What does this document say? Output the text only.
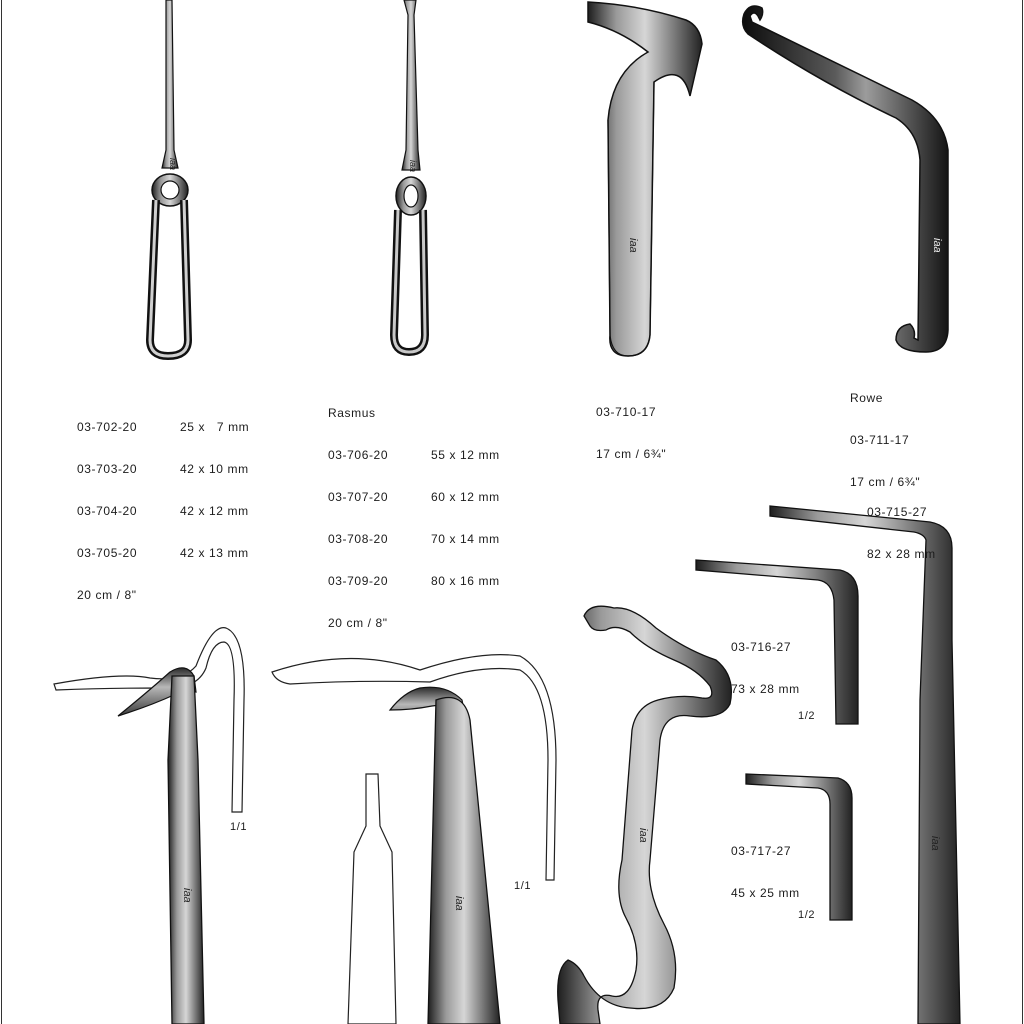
iaa	iaa
iaa	iaa
iaa
iaa
iaa
iaa

03-702-20	25 x   7 mm

03-703-20	42 x 10 mm

03-704-20	42 x 12 mm

03-705-20	42 x 13 mm

20 cm / 8"

Rasmus

03-706-20	55 x 12 mm

03-707-20	60 x 12 mm

03-708-20	70 x 14 mm

03-709-20	80 x 16 mm

20 cm / 8"

03-710-17

17 cm / 6¾"

Rowe

03-711-17

17 cm / 6¾"

03-715-27

82 x 28 mm

03-716-27

73 x 28 mm

1/2

03-717-27

45 x 25 mm

1/2
1/1
1/1
